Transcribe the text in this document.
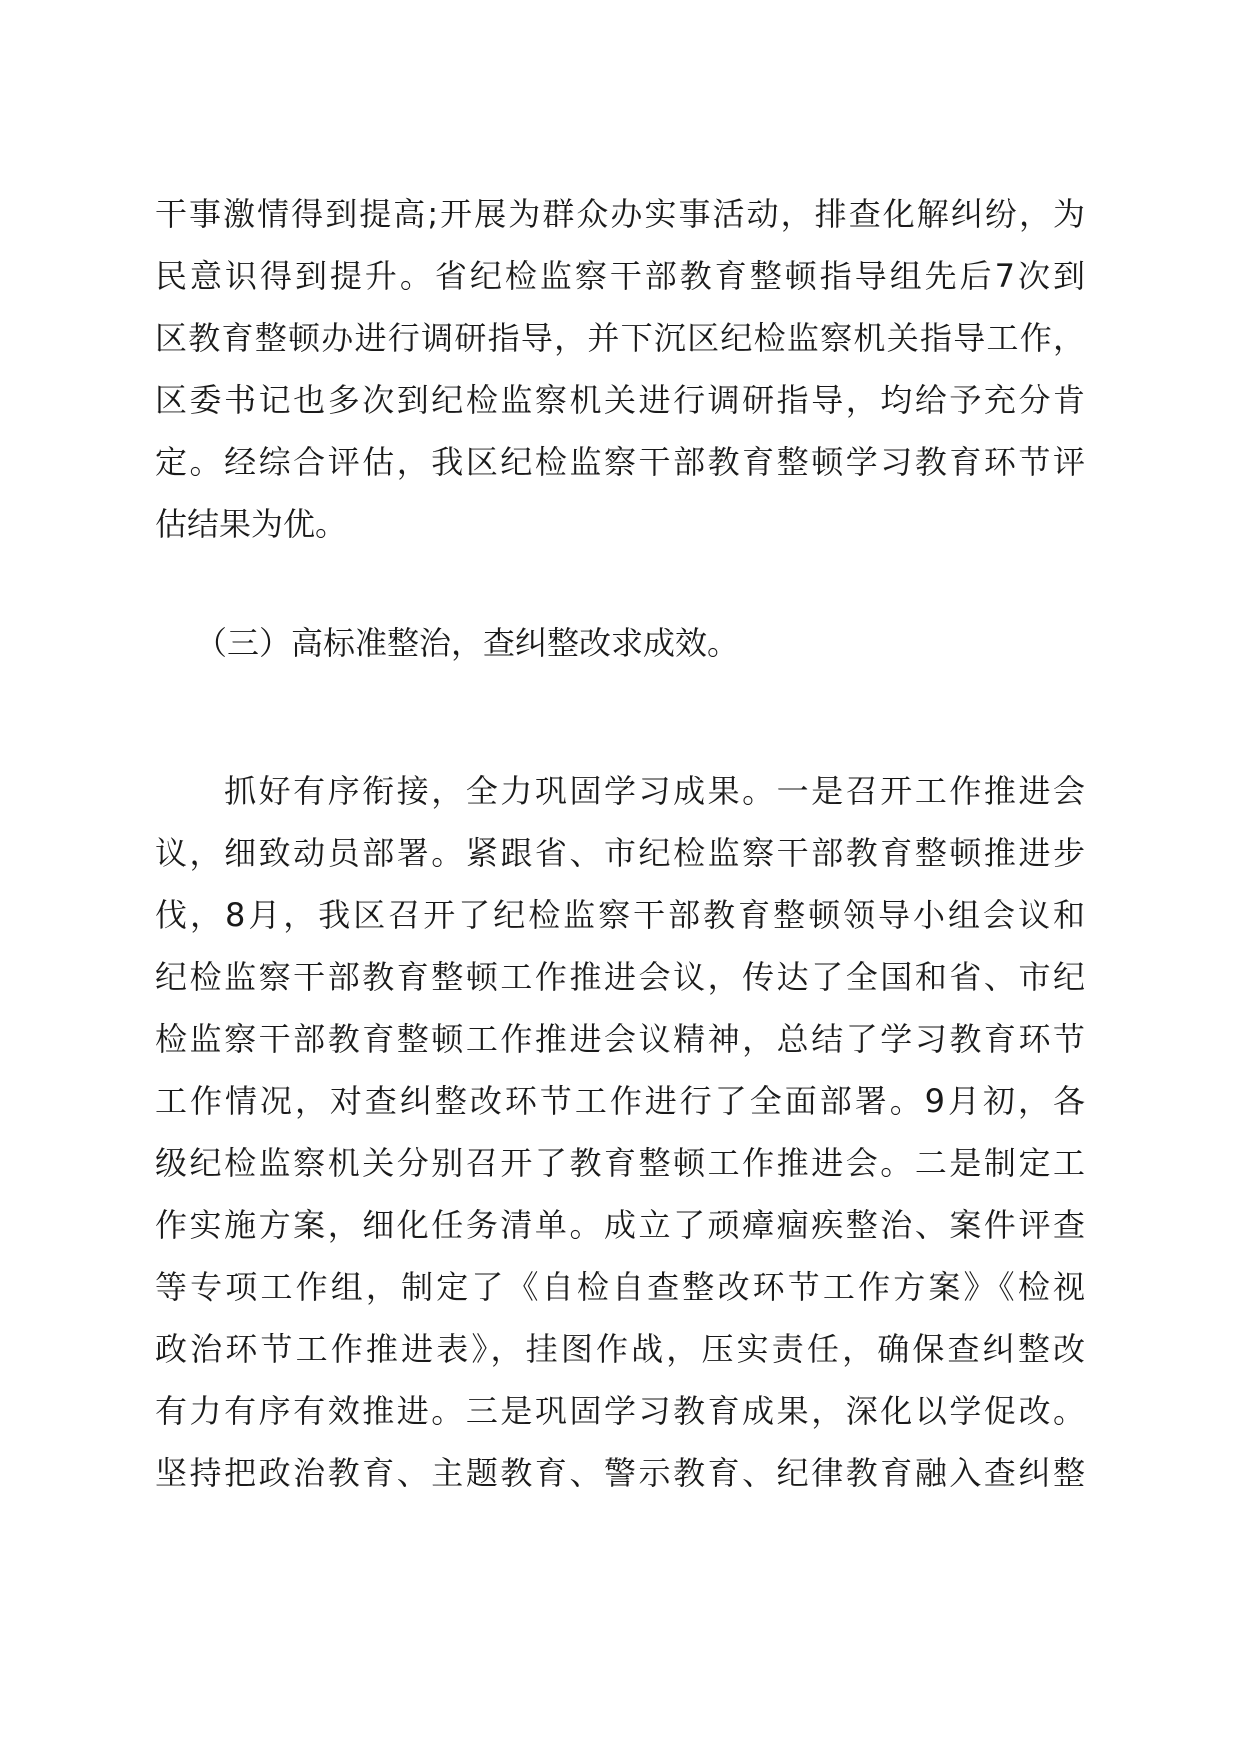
干事激情得到提高;开展为群众办实事活动，排查化解纠纷，为
民意识得到提升。省纪检监察干部教育整顿指导组先后7次到
区教育整顿办进行调研指导，并下沉区纪检监察机关指导工作，
区委书记也多次到纪检监察机关进行调研指导，均给予充分肯
定。经综合评估，我区纪检监察干部教育整顿学习教育环节评
估结果为优。
（三）高标准整治，查纠整改求成效。
　　抓好有序衔接，全力巩固学习成果。一是召开工作推进会
议，细致动员部署。紧跟省、市纪检监察干部教育整顿推进步
伐，8月，我区召开了纪检监察干部教育整顿领导小组会议和
纪检监察干部教育整顿工作推进会议，传达了全国和省、市纪
检监察干部教育整顿工作推进会议精神，总结了学习教育环节
工作情况，对查纠整改环节工作进行了全面部署。9月初，各
级纪检监察机关分别召开了教育整顿工作推进会。二是制定工
作实施方案，细化任务清单。成立了顽瘴痼疾整治、案件评查
等专项工作组，制定了《自检自查整改环节工作方案》《检视
政治环节工作推进表》，挂图作战，压实责任，确保查纠整改
有力有序有效推进。三是巩固学习教育成果，深化以学促改。
坚持把政治教育、主题教育、警示教育、纪律教育融入查纠整
